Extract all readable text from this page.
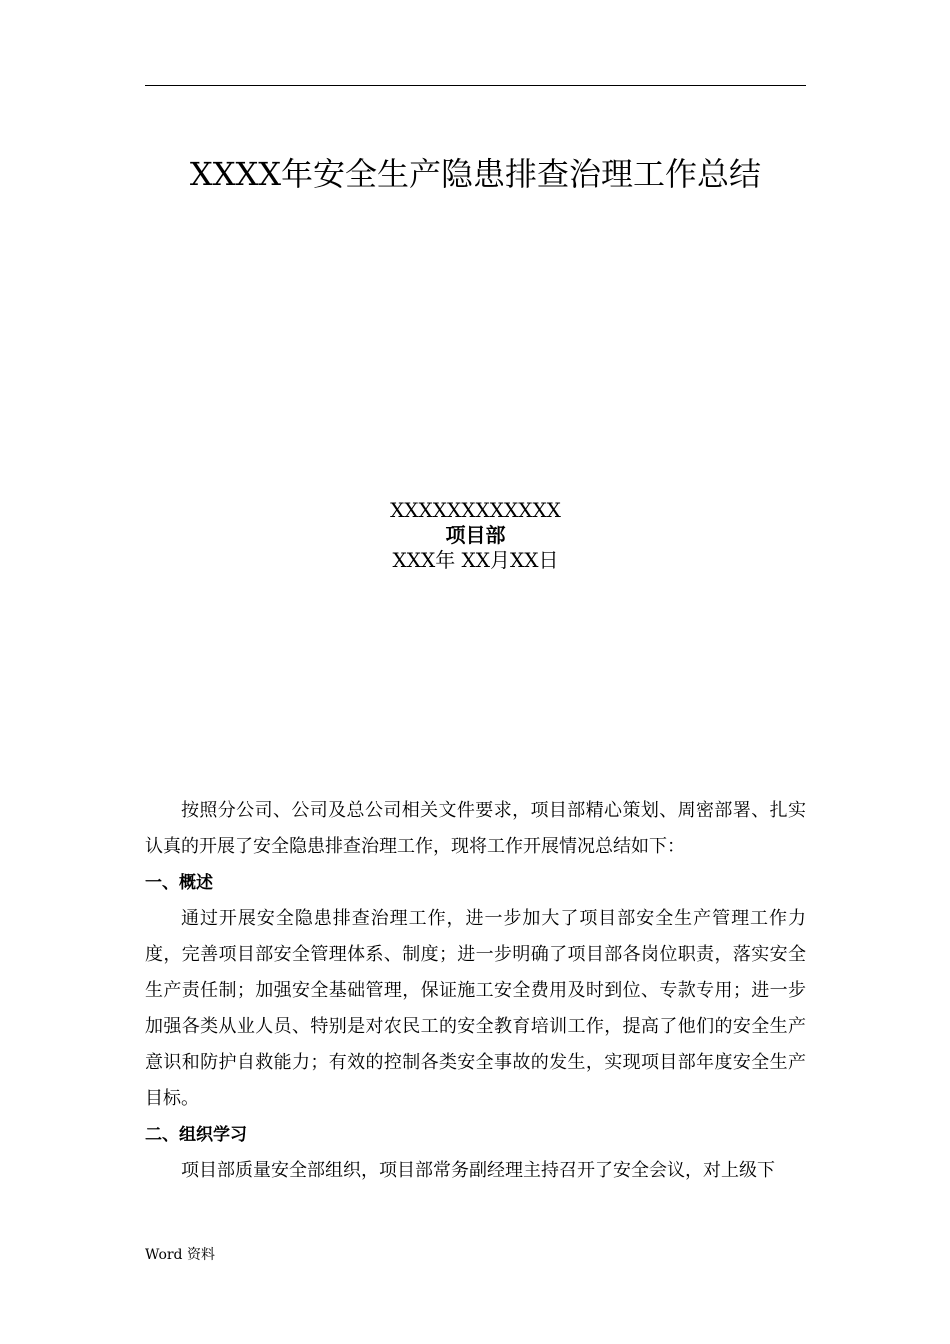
XXXX年安全生产隐患排查治理工作总结
XXXXXXXXXXXX
项目部
XXX年 XX月XX日

按照分公司、公司及总公司相关文件要求，项目部精心策划、周密部署、扎实认真的开展了安全隐患排查治理工作，现将工作开展情况总结如下：

一、概述

通过开展安全隐患排查治理工作，进一步加大了项目部安全生产管理工作力度，完善项目部安全管理体系、制度；进一步明确了项目部各岗位职责，落实安全生产责任制；加强安全基础管理，保证施工安全费用及时到位、专款专用；进一步加强各类从业人员、特别是对农民工的安全教育培训工作，提高了他们的安全生产意识和防护自救能力；有效的控制各类安全事故的发生，实现项目部年度安全生产目标。

二、组织学习

项目部质量安全部组织，项目部常务副经理主持召开了安全会议，对上级下

Word 资料
